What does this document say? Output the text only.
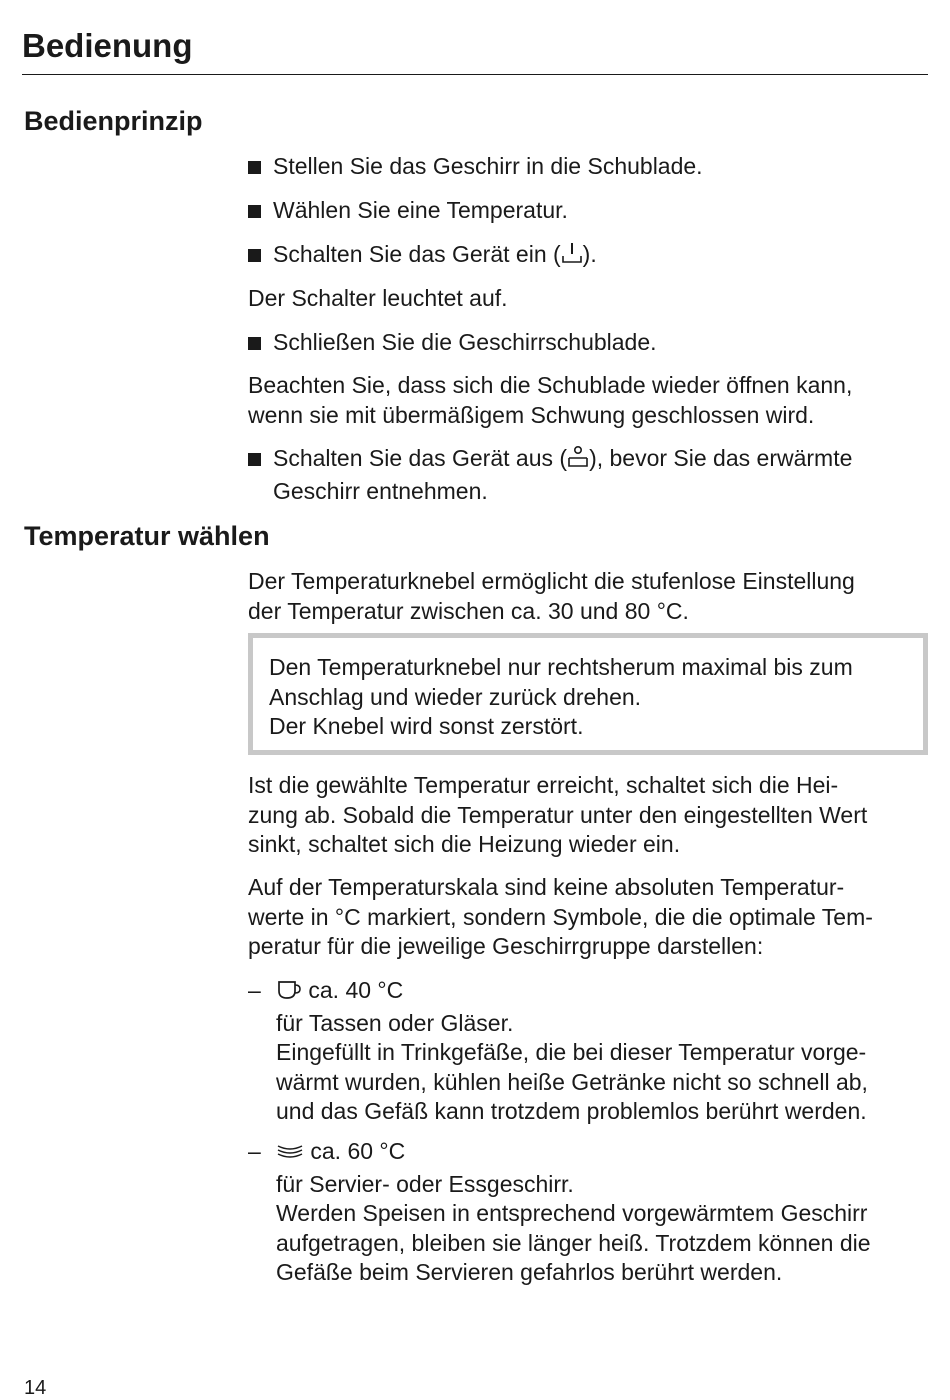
Bedienung
Bedienprinzip
Stellen Sie das Geschirr in die Schublade.
Wählen Sie eine Temperatur.
Schalten Sie das Gerät ein ( ).
Der Schalter leuchtet auf.
Schließen Sie die Geschirrschublade.
Beachten Sie, dass sich die Schublade wieder öffnen kann,
wenn sie mit übermäßigem Schwung geschlossen wird.
Schalten Sie das Gerät aus ( ), bevor Sie das erwärmte
Geschirr entnehmen.
Temperatur wählen
Der Temperaturknebel ermöglicht die stufenlose Einstellung
der Temperatur zwischen ca. 30 und 80 °C.
Den Temperaturknebel nur rechtsherum maximal bis zum
Anschlag und wieder zurück drehen.
Der Knebel wird sonst zerstört.
Ist die gewählte Temperatur erreicht, schaltet sich die Hei-
zung ab. Sobald die Temperatur unter den eingestellten Wert
sinkt, schaltet sich die Heizung wieder ein.
Auf der Temperaturskala sind keine absoluten Temperatur-
werte in °C markiert, sondern Symbole, die die optimale Tem-
peratur für die jeweilige Geschirrgruppe darstellen:
–	ca. 40 °C
für Tassen oder Gläser.
Eingefüllt in Trinkgefäße, die bei dieser Temperatur vorge-
wärmt wurden, kühlen heiße Getränke nicht so schnell ab,
und das Gefäß kann trotzdem problemlos berührt werden.
–	ca. 60 °C
für Servier- oder Essgeschirr.
Werden Speisen in entsprechend vorgewärmtem Geschirr
aufgetragen, bleiben sie länger heiß. Trotzdem können die
Gefäße beim Servieren gefahrlos berührt werden.
14
